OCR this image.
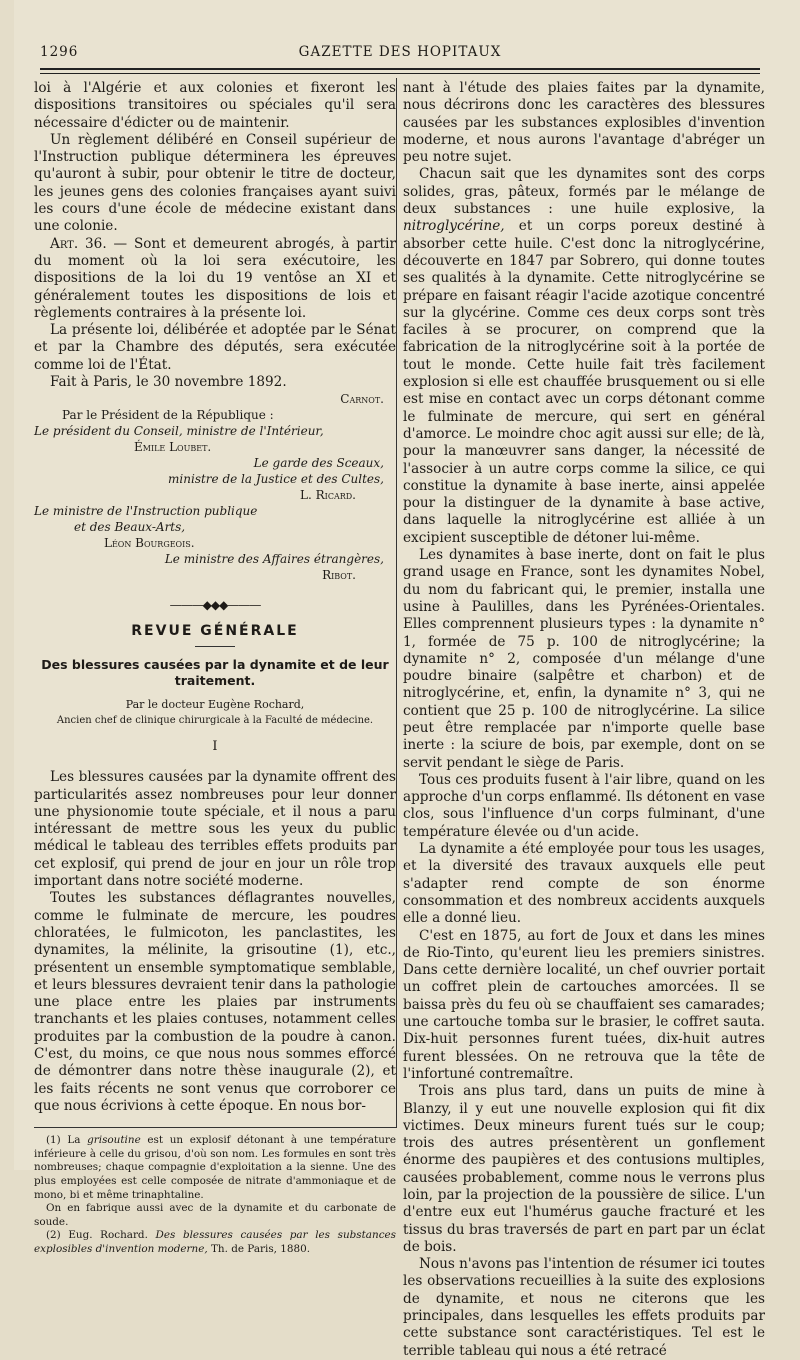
1296	GAZETTE DES HOPITAUX

loi à l'Algérie et aux colonies et fixeront les dispositions transitoires ou spéciales qu'il sera nécessaire d'édicter ou de maintenir.

Un règlement délibéré en Conseil supérieur de l'Instruction publique déterminera les épreuves qu'auront à subir, pour obtenir le titre de docteur, les jeunes gens des colonies françaises ayant suivi les cours d'une école de médecine existant dans une colonie.

Art. 36. — Sont et demeurent abrogés, à partir du moment où la loi sera exécutoire, les dispositions de la loi du 19 ventôse an XI et généralement toutes les dispositions de lois et règlements contraires à la présente loi.

La présente loi, délibérée et adoptée par le Sénat et par la Chambre des députés, sera exécutée comme loi de l'État.

Fait à Paris, le 30 novembre 1892.

Carnot.
Par le Président de la République :
Le président du Conseil, ministre de l'Intérieur,
Émile Loubet.
Le garde des Sceaux,
ministre de la Justice et des Cultes,
L. Ricard.
Le ministre de l'Instruction publique
et des Beaux-Arts,
Léon Bourgeois.
Le ministre des Affaires étrangères,
Ribot.
———◆◆◆———
REVUE GÉNÉRALE
Des blessures causées par la dynamite et de leur traitement.
Par le docteur Eugène Rochard,
Ancien chef de clinique chirurgicale à la Faculté de médecine.
I

Les blessures causées par la dynamite offrent des particularités assez nombreuses pour leur donner une physionomie toute spéciale, et il nous a paru intéressant de mettre sous les yeux du public médical le tableau des terribles effets produits par cet explosif, qui prend de jour en jour un rôle trop important dans notre société moderne.

Toutes les substances déflagrantes nouvelles, comme le fulminate de mercure, les poudres chloratées, le fulmicoton, les panclastites, les dynamites, la mélinite, la grisoutine (1), etc., présentent un ensemble symptomatique semblable, et leurs blessures devraient tenir dans la pathologie une place entre les plaies par instruments tranchants et les plaies contuses, notamment celles produites par la combustion de la poudre à canon. C'est, du moins, ce que nous nous sommes efforcé de démontrer dans notre thèse inaugurale (2), et les faits récents ne sont venus que corroborer ce que nous écrivions à cette époque. En nous bor-

(1) La grisoutine est un explosif détonant à une température inférieure à celle du grisou, d'où son nom. Les formules en sont très nombreuses; chaque compagnie d'exploitation a la sienne. Une des plus employées est celle composée de nitrate d'ammoniaque et de mono, bi et même trinaphtaline.

On en fabrique aussi avec de la dynamite et du carbonate de soude.

(2) Eug. Rochard. Des blessures causées par les substances explosibles d'invention moderne, Th. de Paris, 1880.

nant à l'étude des plaies faites par la dynamite, nous décrirons donc les caractères des blessures causées par les substances explosibles d'invention moderne, et nous aurons l'avantage d'abréger un peu notre sujet.

Chacun sait que les dynamites sont des corps solides, gras, pâteux, formés par le mélange de deux substances : une huile explosive, la nitroglycérine, et un corps poreux destiné à absorber cette huile. C'est donc la nitroglycérine, découverte en 1847 par Sobrero, qui donne toutes ses qualités à la dynamite. Cette nitroglycérine se prépare en faisant réagir l'acide azotique concentré sur la glycérine. Comme ces deux corps sont très faciles à se procurer, on comprend que la fabrication de la nitroglycérine soit à la portée de tout le monde. Cette huile fait très facilement explosion si elle est chauffée brusquement ou si elle est mise en contact avec un corps détonant comme le fulminate de mercure, qui sert en général d'amorce. Le moindre choc agit aussi sur elle; de là, pour la manœuvrer sans danger, la nécessité de l'associer à un autre corps comme la silice, ce qui constitue la dynamite à base inerte, ainsi appelée pour la distinguer de la dynamite à base active, dans laquelle la nitroglycérine est alliée à un excipient susceptible de détoner lui-même.

Les dynamites à base inerte, dont on fait le plus grand usage en France, sont les dynamites Nobel, du nom du fabricant qui, le premier, installa une usine à Paulilles, dans les Pyrénées-Orientales. Elles comprennent plusieurs types : la dynamite n° 1, formée de 75 p. 100 de nitroglycérine; la dynamite n° 2, composée d'un mélange d'une poudre binaire (salpêtre et charbon) et de nitroglycérine, et, enfin, la dynamite n° 3, qui ne contient que 25 p. 100 de nitroglycérine. La silice peut être remplacée par n'importe quelle base inerte : la sciure de bois, par exemple, dont on se servit pendant le siège de Paris.

Tous ces produits fusent à l'air libre, quand on les approche d'un corps enflammé. Ils détonent en vase clos, sous l'influence d'un corps fulminant, d'une température élevée ou d'un acide.

La dynamite a été employée pour tous les usages, et la diversité des travaux auxquels elle peut s'adapter rend compte de son énorme consommation et des nombreux accidents auxquels elle a donné lieu.

C'est en 1875, au fort de Joux et dans les mines de Rio-Tinto, qu'eurent lieu les premiers sinistres. Dans cette dernière localité, un chef ouvrier portait un coffret plein de cartouches amorcées. Il se baissa près du feu où se chauffaient ses camarades; une cartouche tomba sur le brasier, le coffret sauta. Dix-huit personnes furent tuées, dix-huit autres furent blessées. On ne retrouva que la tête de l'infortuné contremaître.

Trois ans plus tard, dans un puits de mine à Blanzy, il y eut une nouvelle explosion qui fit dix victimes. Deux mineurs furent tués sur le coup; trois des autres présentèrent un gonflement énorme des paupières et des contusions multiples, causées probablement, comme nous le verrons plus loin, par la projection de la poussière de silice. L'un d'entre eux eut l'humérus gauche fracturé et les tissus du bras traversés de part en part par un éclat de bois.

Nous n'avons pas l'intention de résumer ici toutes les observations recueillies à la suite des explosions de dynamite, et nous ne citerons que les principales, dans lesquelles les effets produits par cette substance sont caractéristiques. Tel est le terrible tableau qui nous a été retracé
